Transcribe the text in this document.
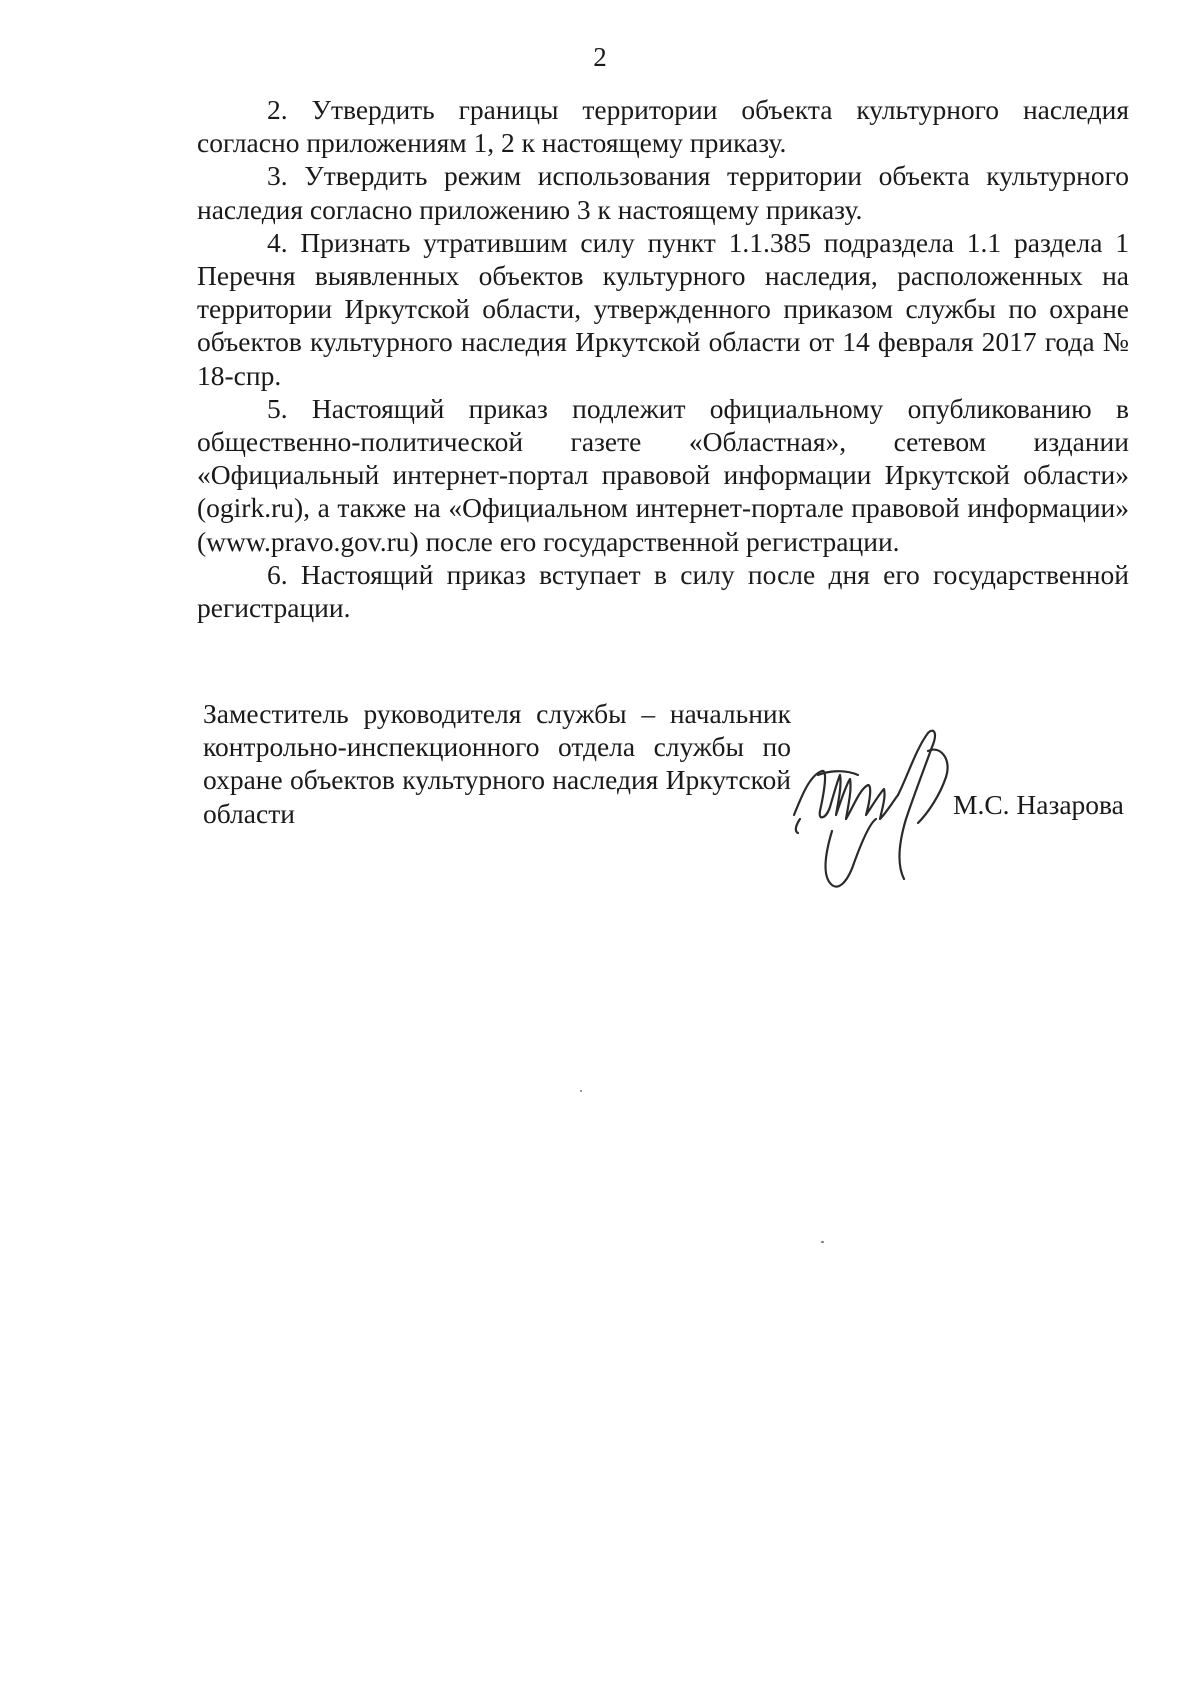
2

2. Утвердить границы территории объекта культурного наследия согласно приложениям 1, 2 к настоящему приказу.

3. Утвердить режим использования территории объекта культурного наследия согласно приложению 3 к настоящему приказу.

4. Признать утратившим силу пункт 1.1.385 подраздела 1.1 раздела 1 Перечня выявленных объектов культурного наследия, расположенных на территории Иркутской области, утвержденного приказом службы по охране объектов культурного наследия Иркутской области от 14 февраля 2017 года № 18-спр.

5. Настоящий приказ подлежит официальному опубликованию в общественно-политической газете «Областная», сетевом издании «Официальный интернет-портал правовой информации Иркутской области» (ogirk.ru), а также на «Официальном интернет-портале правовой информации» (www.pravo.gov.ru) после его государственной регистрации.

6. Настоящий приказ вступает в силу после дня его государственной регистрации.

Заместитель руководителя службы – начальник контрольно-инспекционного отдела службы по охране объектов культурного наследия Иркутской области	М.С. Назарова
